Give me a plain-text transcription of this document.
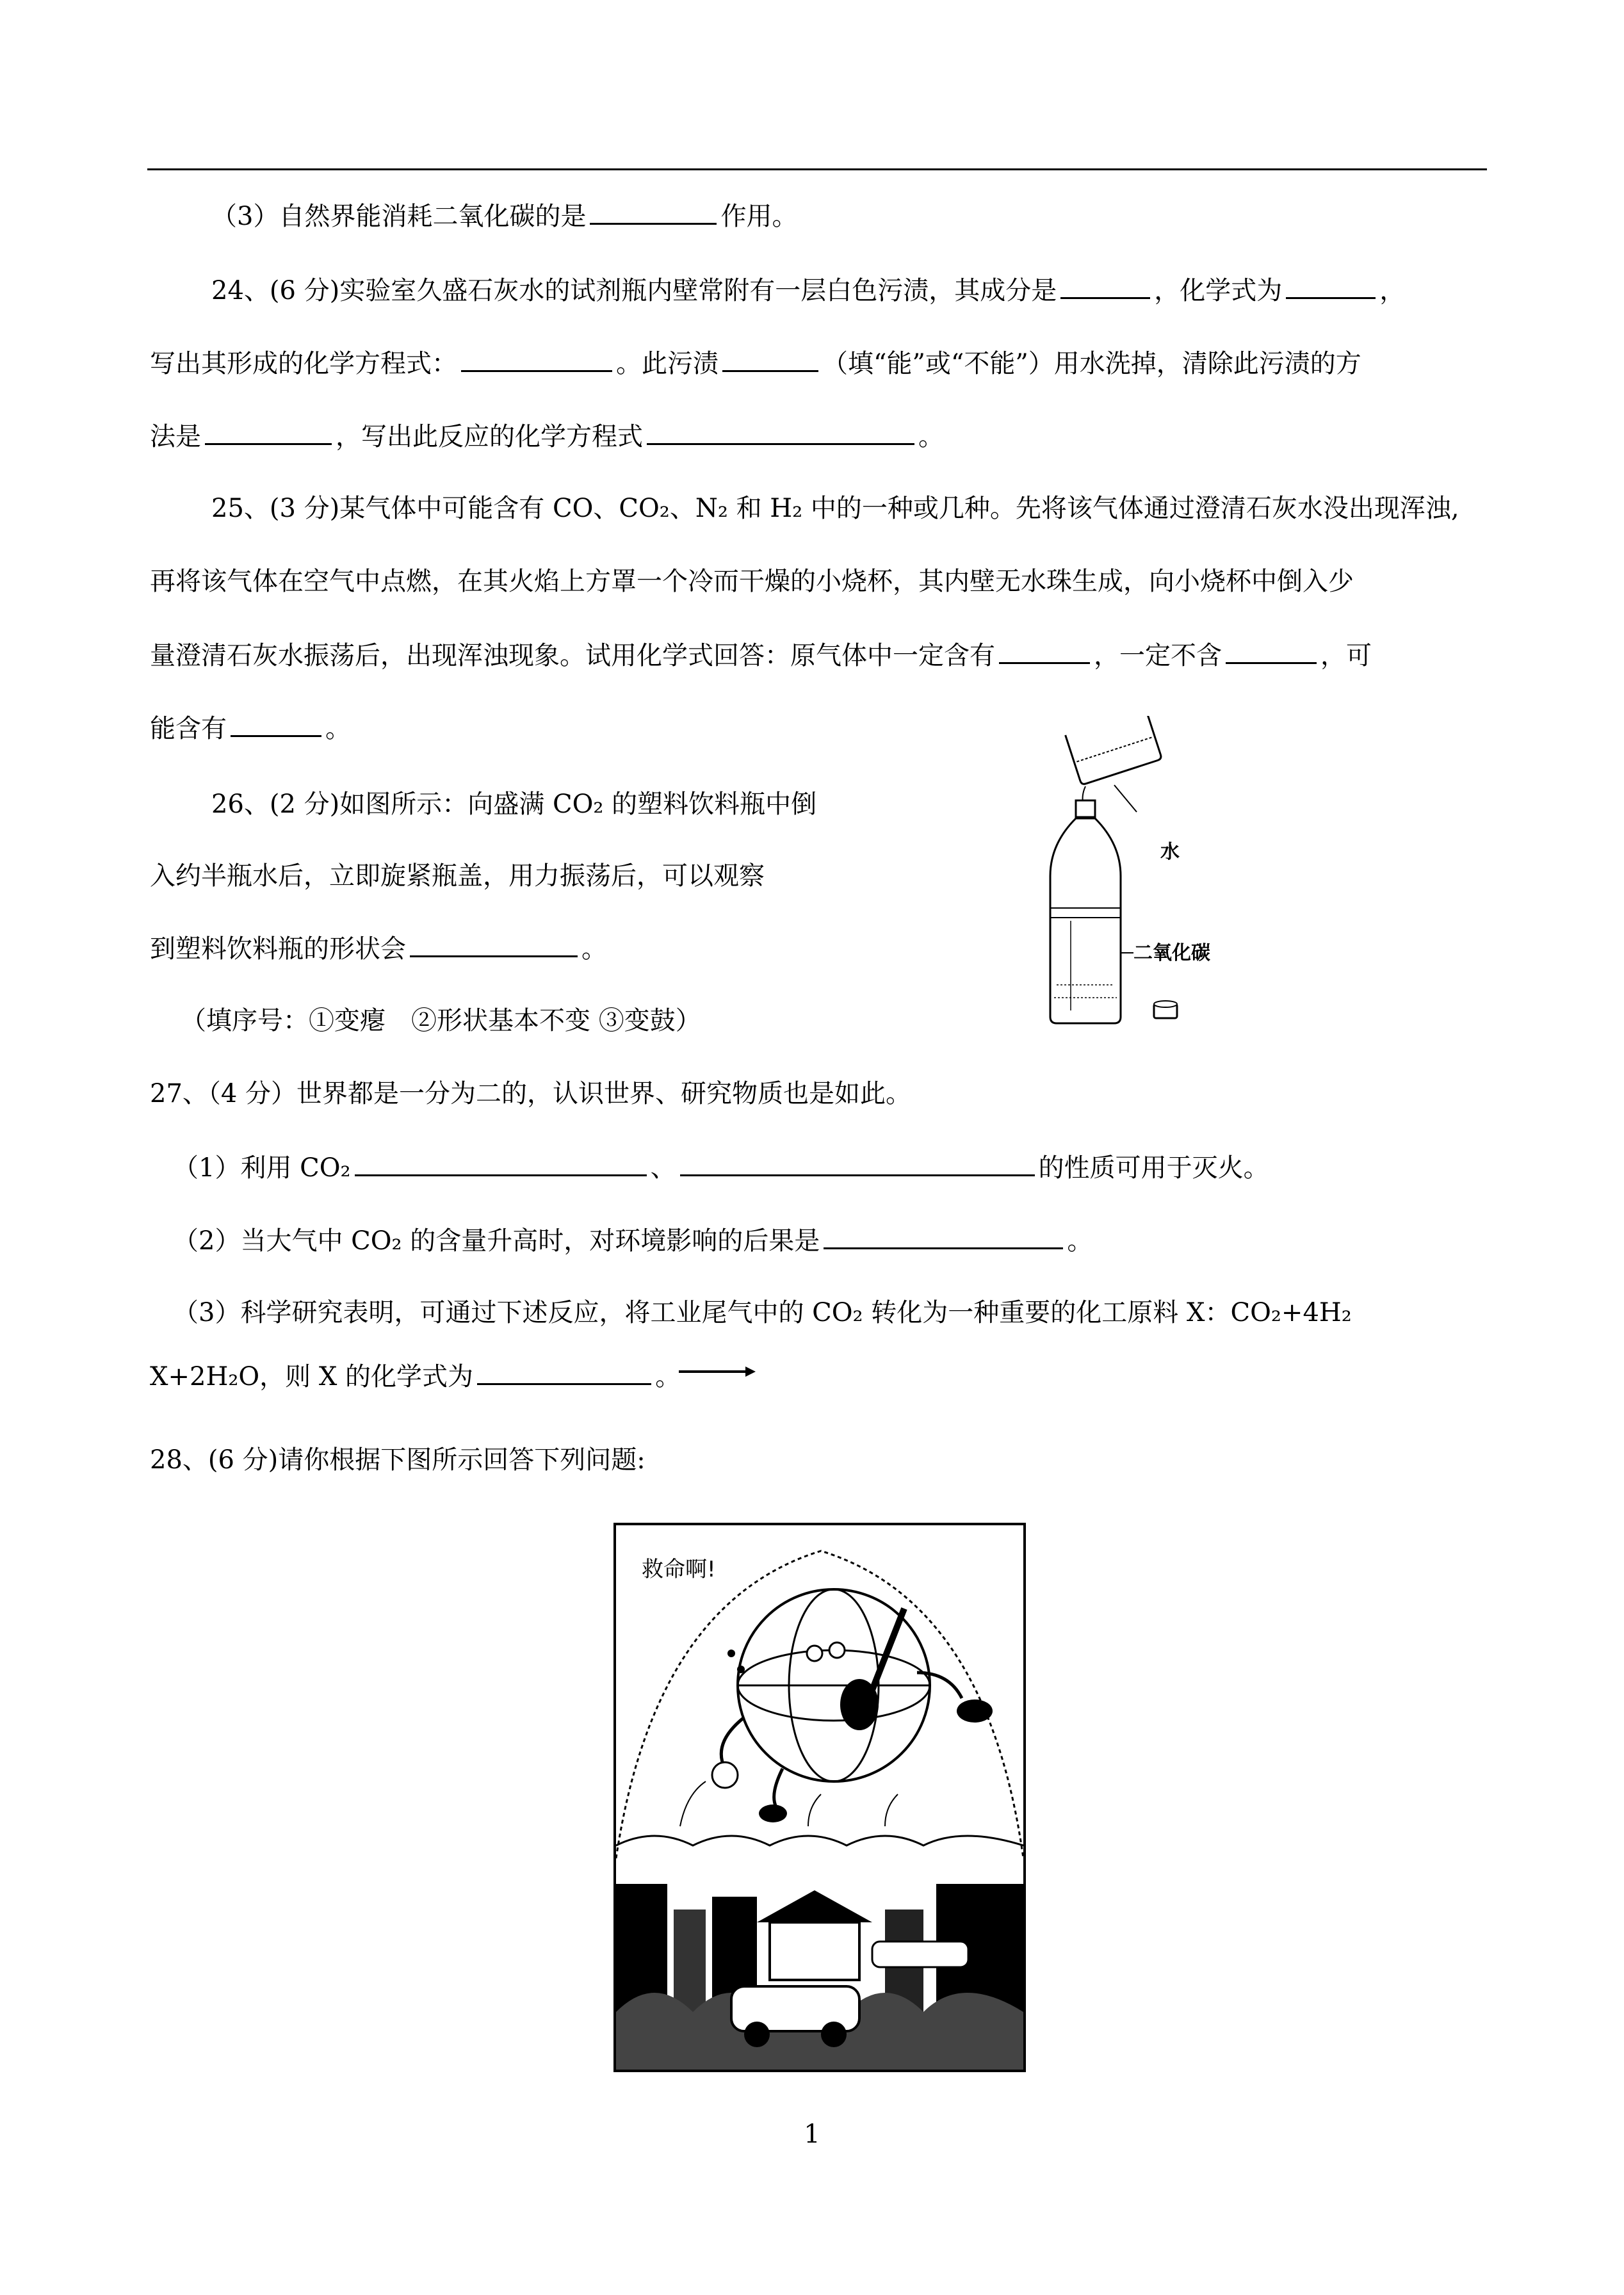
（3）自然界能消耗二氧化碳的是	作用。
24、(6 分)实验室久盛石灰水的试剂瓶内壁常附有一层白色污渍，其成分是	，化学式为	，
写出其形成的化学方程式：	。此污渍	（填“能”或“不能”）用水洗掉，清除此污渍的方
法是	，写出此反应的化学方程式	。
25、(3 分)某气体中可能含有 CO、CO₂、N₂ 和 H₂ 中的一种或几种。先将该气体通过澄清石灰水没出现浑浊,
再将该气体在空气中点燃，在其火焰上方罩一个冷而干燥的小烧杯，其内壁无水珠生成，向小烧杯中倒入少
量澄清石灰水振荡后，出现浑浊现象。试用化学式回答：原气体中一定含有	，一定不含	，可
能含有	。
26、(2 分)如图所示：向盛满 CO₂ 的塑料饮料瓶中倒
入约半瓶水后，立即旋紧瓶盖，用力振荡后，可以观察
到塑料饮料瓶的形状会	。
（填序号：①变瘪　②形状基本不变 ③变鼓）
水
二氧化碳
27、（4 分）世界都是一分为二的，认识世界、研究物质也是如此。
（1）利用 CO₂	、	的性质可用于灭火。
（2）当大气中 CO₂ 的含量升高时，对环境影响的后果是	。
（3）科学研究表明，可通过下述反应，将工业尾气中的 CO₂ 转化为一种重要的化工原料 X：CO₂+4H₂
X+2H₂O，则 X 的化学式为	。
28、(6 分)请你根据下图所示回答下列问题:
救命啊!
1
